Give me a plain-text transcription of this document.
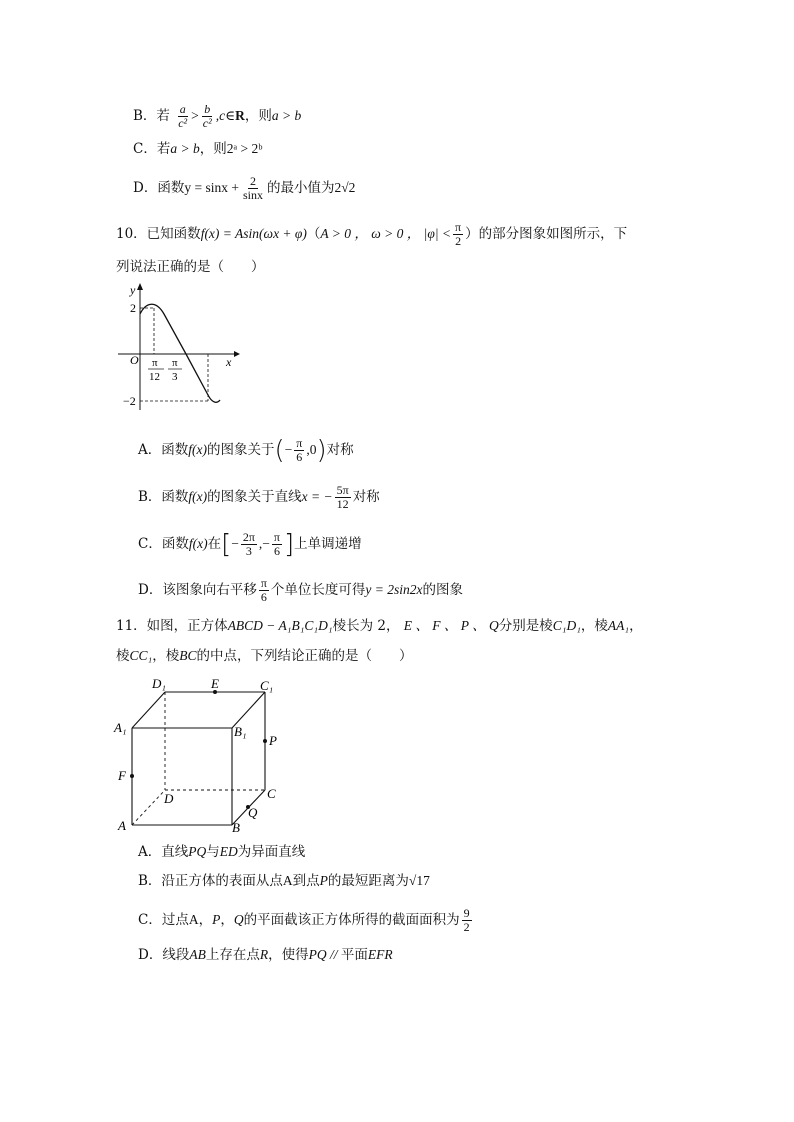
B．若 $\frac{a}{\text{c²}} > \frac{b}{\text{c²}}$ ,c∈R，则a > b
C．若a > b，则2ᵃ > 2ᵇ
D．函数$y = \sin x + \frac{2}{\sin x}$ 的最小值为2√2
10．已知函数f(x) = Asin(ωx + φ)（A > 0 ， ω > 0 ， $|\varphi| < \frac{\pi}{2}$ ）的部分图象如图所示，下
列说法正确的是（　　）
y
x
O
2
−2
π
12
π
3
A．函数f(x)的图象关于(− $\frac{\pi}{6} ,0$)对称
B．函数f(x)的图象关于直线x = − $\frac{5\pi}{12}$ 对称
C．函数f(x)在[− $\frac{2\pi}{3}$ ,− $\frac{\pi}{6}$ ]上单调递增
D．该图象向右平移 $\frac{\pi}{6}$ 个单位长度可得y = 2sin2x的图象
11．如图，正方体ABCD − A₁B₁C₁D₁棱长为 2， E 、 F 、 P 、 Q分别是棱C₁D₁，棱AA₁，
棱CC₁，棱BC的中点，下列结论正确的是（　　）
D₁	E	C₁
A₁	B₁
P
F
D	C
Q
A	B
A．直线PQ与ED为异面直线
B．沿正方体的表面从点A到点P的最短距离为√17
C．过点A，P，Q的平面截该正方体所得的截面面积为 $\frac{9}{2}$
D．线段AB上存在点R，使得PQ // 平面EFR
